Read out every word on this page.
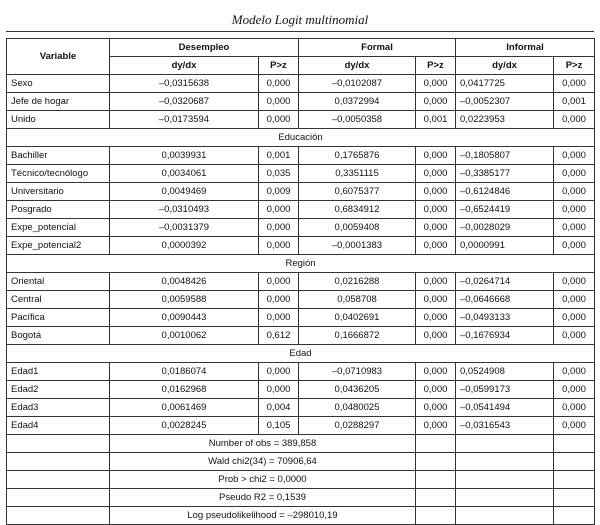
Modelo Logit multinomial
Variable	Desempleo		Formal		Informal	
	dy/dx	P>z	dy/dx	P>z	dy/dx	P>z
Sexo	–0,0315638	0,000	–0,0102087	0,000	0,0417725	0,000
Jefe de hogar	–0,0320687	0,000	0,0372994	0,000	–0,0052307	0,001
Unido	–0,0173594	0,000	–0,0050358	0,001	0,0223953	0,000
Educación						
Bachiller	0,0039931	0,001	0,1765876	0,000	–0,1805807	0,000
Técnico/tecnólogo	0,0034061	0,035	0,3351115	0,000	–0,3385177	0,000
Universitario	0,0049469	0,009	0,6075377	0,000	–0,6124846	0,000
Posgrado	–0,0310493	0,000	0,6834912	0,000	–0,6524419	0,000
Expe_potencial	–0,0031379	0,000	0,0059408	0,000	–0,0028029	0,000
Expe_potencial2	0,0000392	0,000	–0,0001383	0,000	0,0000991	0,000
Región						
Oriental	0,0048426	0,000	0,0216288	0,000	–0,0264714	0,000
Central	0,0059588	0,000	0,058708	0,000	–0,0646668	0,000
Pacífica	0,0090443	0,000	0,0402691	0,000	–0,0493133	0,000
Bogotá	0,0010062	0,612	0,1666872	0,000	–0,1676934	0,000
Edad						
Edad1	0,0186074	0,000	–0,0710983	0,000	0,0524908	0,000
Edad2	0,0162968	0,000	0,0436205	0,000	–0,0599173	0,000
Edad3	0,0061469	0,004	0,0480025	0,000	–0,0541494	0,000
Edad4	0,0028245	0,105	0,0288297	0,000	–0,0316543	0,000
	Number of obs = 389,858					
	Wald chi2(34) = 70906,64					
	Prob > chi2 = 0,0000					
	Pseudo R2 = 0,1539					
	Log pseudolikelihood = –298010,19					
